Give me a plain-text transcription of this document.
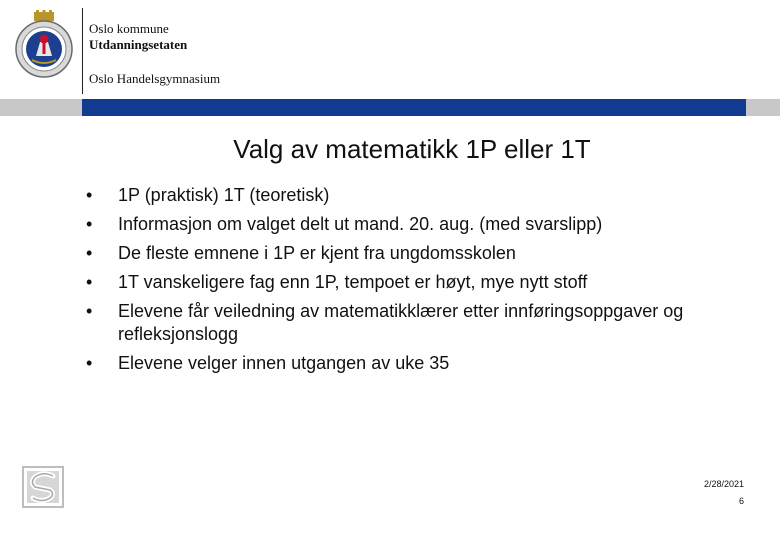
Oslo kommune
Utdanningsetaten
Oslo Handelsgymnasium
Valg av matematikk 1P eller 1T
• 1P (praktisk) 1T (teoretisk)
• Informasjon om valget delt ut mand. 20. aug. (med svarslipp)
• De fleste emnene i 1P er kjent fra ungdomsskolen
• 1T vanskeligere fag enn 1P, tempoet er høyt, mye nytt stoff
• Elevene får veiledning av matematikklærer etter innføringsoppgaver og refleksjonslogg
• Elevene velger innen utgangen av uke 35
2/28/2021
6
